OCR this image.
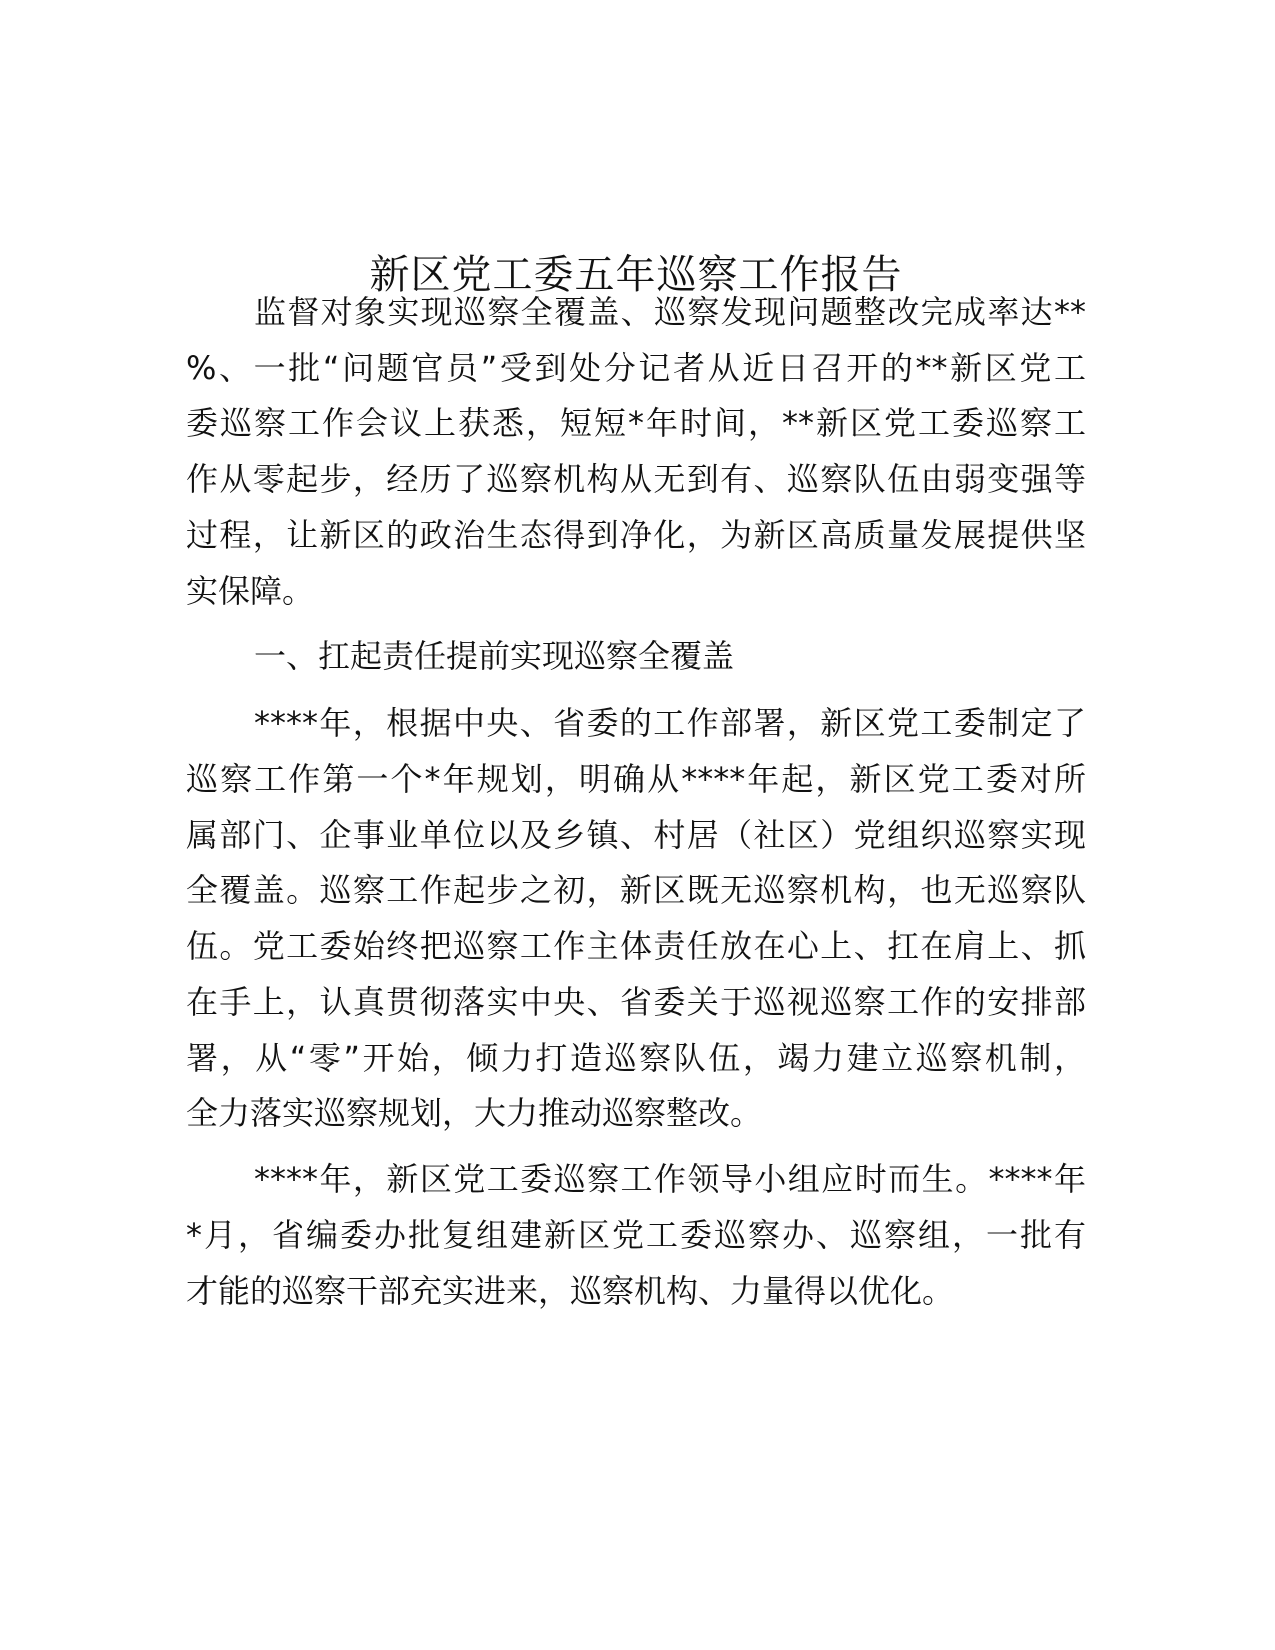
新区党工委五年巡察工作报告
监督对象实现巡察全覆盖、巡察发现问题整改完成率达**
%、一批“问题官员”受到处分记者从近日召开的**新区党工
委巡察工作会议上获悉，短短*年时间，**新区党工委巡察工
作从零起步，经历了巡察机构从无到有、巡察队伍由弱变强等
过程，让新区的政治生态得到净化，为新区高质量发展提供坚
实保障。
一、扛起责任提前实现巡察全覆盖
****年，根据中央、省委的工作部署，新区党工委制定了
巡察工作第一个*年规划，明确从****年起，新区党工委对所
属部门、企事业单位以及乡镇、村居（社区）党组织巡察实现
全覆盖。巡察工作起步之初，新区既无巡察机构，也无巡察队
伍。党工委始终把巡察工作主体责任放在心上、扛在肩上、抓
在手上，认真贯彻落实中央、省委关于巡视巡察工作的安排部
署，从“零”开始，倾力打造巡察队伍，竭力建立巡察机制，
全力落实巡察规划，大力推动巡察整改。
****年，新区党工委巡察工作领导小组应时而生。****年
*月，省编委办批复组建新区党工委巡察办、巡察组，一批有
才能的巡察干部充实进来，巡察机构、力量得以优化。
